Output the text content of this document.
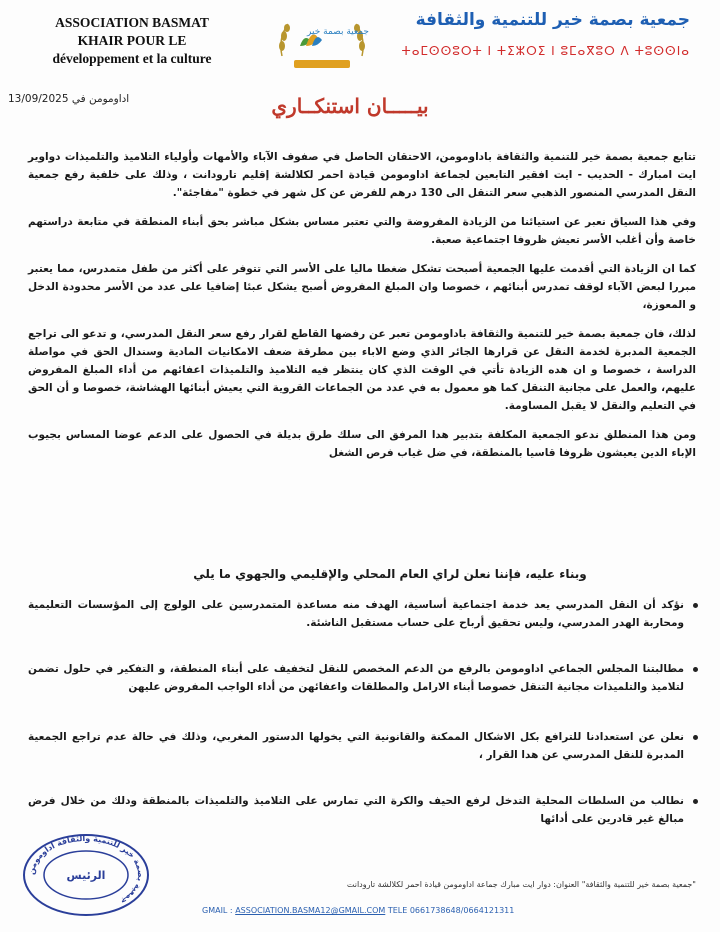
ASSOCIATION BASMAT
KHAIR POUR LE
développement et la culture
جمعية بصمة خير
جمعية بصمة خير للتنمية والثقافة
ⵜⴰⵎⵙⵙⵓⵔⵜ ⵏ ⵜⵉⵣⵔⵉ ⵏ ⵓⵎⴰⴳⵓⵔ ⴷ ⵜⵓⵙⵙⵏⴰ
اداومومن في 13/09/2025	بيـــــان استنكــاري

تتابع جمعية بصمة خير للتنمية والثقافة باداومومن، الاحتقان الحاصل في صفوف الآباء والأمهات وأولياء التلاميذ والتلميذات دواوير ايت امبارك - الحديب - ايت افقير التابعين لجماعة اداومومن قيادة احمر لكلالشة إقليم تارودانت ، وذلك على خلفية رفع جمعية النقل المدرسي المنصور الذهبي سعر التنقل الى 130 درهم للفرض عن كل شهر في خطوة "مفاجئة".

وفي هذا السياق نعبر عن استيائنا من الزيادة المفروضة والتي تعتبر مساس بشكل مباشر بحق أبناء المنطقة في متابعة دراستهم خاصة وأن أغلب الأسر تعيش ظروفا اجتماعية صعبة.

كما ان الزيادة التي أقدمت عليها الجمعية أصبحت تشكل ضغطا ماليا على الأسر التي تتوفر على أكثر من طفل متمدرس، مما يعتبر مبررا لبعض الآباء لوقف تمدرس أبنائهم ، خصوصا وان المبلغ المفروض أصبح يشكل عبئا إضافيا على عدد من الأسر محدودة الدخل و المعوزة،

لذلك، فان جمعية بصمة خير للتنمية والثقافة باداومومن تعبر عن رفضها القاطع لقرار رفع سعر النقل المدرسي، و تدعو الى تراجع الجمعية المدبرة لخدمة النقل عن قرارها الجائر الذي وضع الاباء بين مطرقة ضعف الامكانيات المادية وسندال الحق في مواصلة الدراسة ، خصوصا و ان هده الزيادة تأتي في الوقت الذي كان ينتظر فيه التلاميذ والتلميذات اعفائهم من أداء المبلغ المفروض عليهم، والعمل على مجانية التنقل كما هو معمول به في عدد من الجماعات القروية التي يعيش أبنائها الهشاشة، خصوصا و أن الحق في التعليم والنقل لا يقبل المساومة.

ومن هذا المنطلق ندعو الجمعية المكلفة بتدبير هدا المرفق الى سلك طرق بديلة في الحصول على الدعم عوضا المساس بجيوب الإباء الدين يعيشون ظروفا قاسيا بالمنطقة، في ضل غياب فرص الشغل

وبناء عليه، فإننا نعلن لراي العام المحلي والإقليمي والجهوي ما يلي
نؤكد أن النقل المدرسي يعد خدمة اجتماعية أساسية، الهدف منه مساعدة المتمدرسين على الولوج إلى المؤسسات التعليمية ومحاربة الهدر المدرسي، وليس تحقيق أرباح على حساب مستقبل الناشئة.
مطالبتنا المجلس الجماعي اداومومن بالرفع من الدعم المخصص للنقل لتخفيف على أبناء المنطقة، و التفكير في حلول تضمن لتلاميذ والتلميذات مجانية التنقل خصوصا أبناء الارامل والمطلقات واعفائهن من أداء الواجب المفروض عليهن
نعلن عن استعدادنا للترافع بكل الاشكال الممكنة والقانونية التي يخولها الدستور المغربي، وذلك في حالة عدم تراجع الجمعية المدبرة للنقل المدرسي عن هدا القرار ،
نطالب من السلطات المحلية التدخل لرفع الحيف والكرة التي تمارس على التلاميذ والتلميذات بالمنطقة ودلك من خلال فرض مبالغ غير قادرين على أدائها
جمعية بصمة خير للتنمية والثقافة اداومومن
الرئيس
"جمعية بصمة خير للتنمية والثقافة" العنوان: دوار ايت مبارك جماعة اداومومن قيادة احمر لكلالشة تارودانت
GMAIL : ASSOCIATION.BASMA12@GMAIL.COM TELE 0661738648/0664121311
